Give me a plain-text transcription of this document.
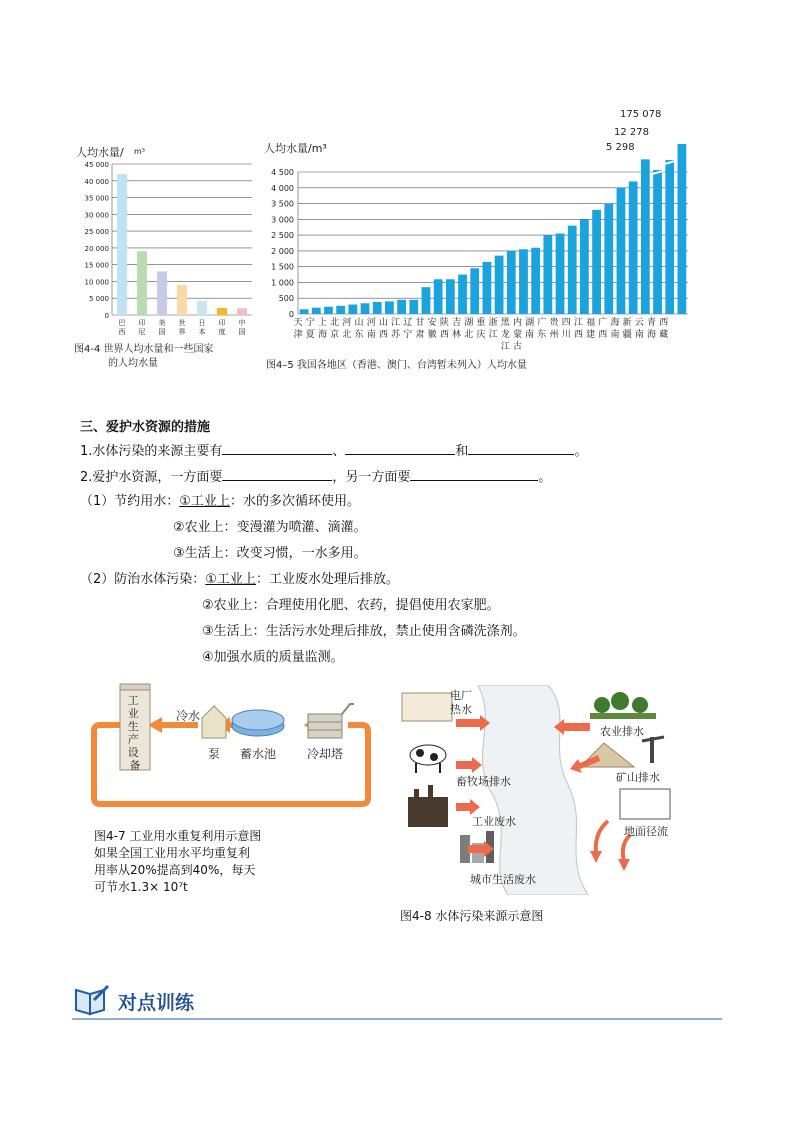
人均水量/ m³
45 000
40 000
35 000
30 000
25 000
20 000
15 000
10 000
5 000
0
巴
西
印
尼
美
国
世
界
日
本
印
度
中
国
图4-4 世界人均水量和一些国家
的人均水量
人均水量/m³
4 500
4 000
3 500
3 000
2 500
2 000
1 500
1 000
500
0
5 298
12 278
175 078
天
津
宁
夏
上
海
北
京
河
北
山
东
河
南
山
西
江
苏
辽
宁
甘
肃
安
徽
陕
西
吉
林
湖
北
重
庆
浙
江
黑
龙
江
内
蒙
古
湖
南
广
东
贵
州
四
川
江
西
福
建
广
西
海
南
新
疆
云
南
青
海
西
藏
图4–5 我国各地区（香港、澳门、台湾暂未列入）人均水量
三、爱护水资源的措施
1.水体污染的来源主要有	、	和	。
2.爱护水资源，一方面要	，另一方面要	。
（1）节约用水：①工业上：水的多次循环使用。
②农业上：变漫灌为喷灌、滴灌。
③生活上：改变习惯，一水多用。
（2）防治水体污染：①工业上：工业废水处理后排放。
②农业上：合理使用化肥、农药，提倡使用农家肥。
③生活上：生活污水处理后排放，禁止使用含磷洗涤剂。
④加强水质的质量监测。
工 业 生 产 设 备
冷水
泵 蓄水池	冷却塔
图4-7 工业用水重复利用示意图
如果全国工业用水平均重复利
用率从20%提高到40%，每天
可节水1.3× 10⁷t
电厂
热水
畜牧场排水
工业废水
城市生活废水
农业排水
矿山排水
地面径流
图4-8 水体污染来源示意图
对点训练
